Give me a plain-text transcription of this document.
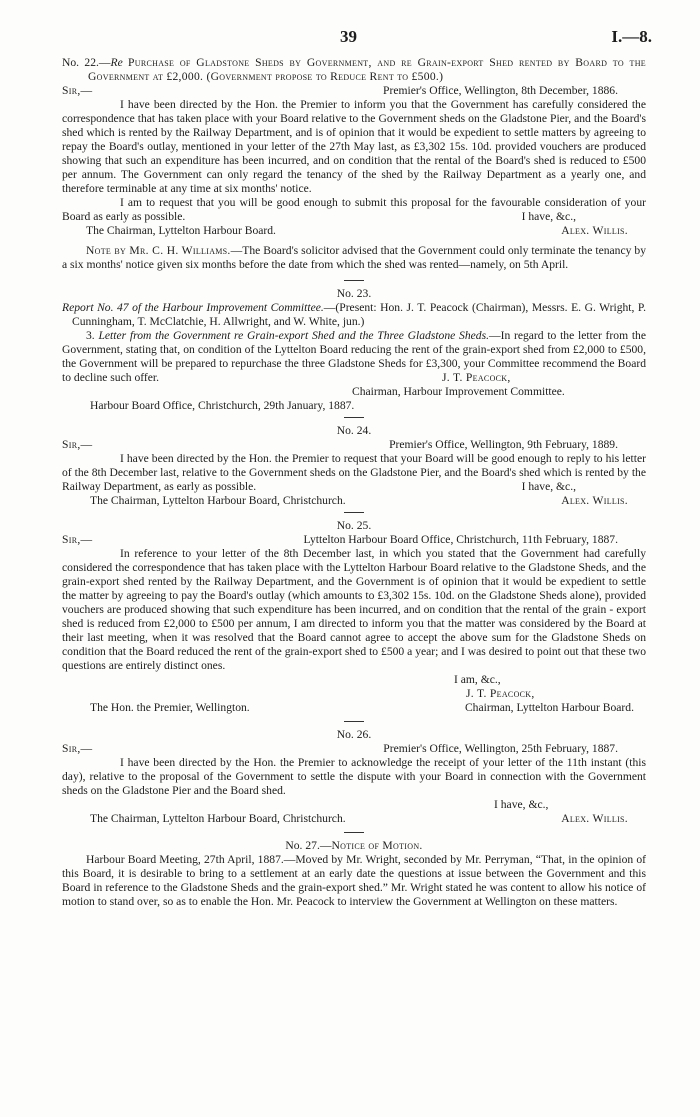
39	I.—8.

No. 22.—Re Purchase of Gladstone Sheds by Government, and re Grain-export Shed rented by Board to the Government at £2,000. (Government propose to Reduce Rent to £500.)

Sir,—	Premier's Office, Wellington, 8th December, 1886.

I have been directed by the Hon. the Premier to inform you that the Government has carefully considered the correspondence that has taken place with your Board relative to the Government sheds on the Gladstone Pier, and the Board's shed which is rented by the Railway Department, and is of opinion that it would be expedient to settle matters by agreeing to repay the Board's outlay, mentioned in your letter of the 27th May last, as £3,302 15s. 10d. provided vouchers are produced showing that such an expenditure has been incurred, and on condition that the rental of the Board's shed is reduced to £500 per annum. The Government can only regard the tenancy of the shed by the Railway Department as a yearly one, and therefore terminable at any time at six months' notice.

I am to request that you will be good enough to submit this proposal for the favourable consideration of your Board as early as possible.

The Chairman, Lyttelton Harbour Board.
I have, &c.,
Alex. Willis.

Note by Mr. C. H. Williams.—The Board's solicitor advised that the Government could only terminate the tenancy by a six months' notice given six months before the date from which the shed was rented—namely, on 5th April.

No. 23.

Report No. 47 of the Harbour Improvement Committee.—(Present: Hon. J. T. Peacock (Chairman), Messrs. E. G. Wright, P. Cunningham, T. McClatchie, H. Allwright, and W. White, jun.)

3. Letter from the Government re Grain-export Shed and the Three Gladstone Sheds.—In regard to the letter from the Government, stating that, on condition of the Lyttelton Board reducing the rent of the grain-export shed from £2,000 to £500, the Government will be prepared to repurchase the three Gladstone Sheds for £3,300, your Committee recommend the Board to decline such offer.	J. T. Peacock,
Chairman, Harbour Improvement Committee.
Harbour Board Office, Christchurch, 29th January, 1887.
No. 24.
Sir,—	Premier's Office, Wellington, 9th February, 1889.

I have been directed by the Hon. the Premier to request that your Board will be good enough to reply to his letter of the 8th December last, relative to the Government sheds on the Gladstone Pier, and the Board's shed which is rented by the Railway Department, as early as possible.	I have, &c.,
The Chairman, Lyttelton Harbour Board, Christchurch.	Alex. Willis.
No. 25.
Sir,—	Lyttelton Harbour Board Office, Christchurch, 11th February, 1887.

In reference to your letter of the 8th December last, in which you stated that the Government had carefully considered the correspondence that has taken place with the Lyttelton Harbour Board relative to the Gladstone Sheds, and the grain-export shed rented by the Railway Department, and the Government is of opinion that it would be expedient to settle the matter by agreeing to pay the Board's outlay (which amounts to £3,302 15s. 10d. on the Gladstone Sheds alone), provided vouchers are produced showing that such expenditure has been incurred, and on condition that the rental of the grain - export shed is reduced from £2,000 to £500 per annum, I am directed to inform you that the matter was considered by the Board at their last meeting, when it was resolved that the Board cannot agree to accept the above sum for the Gladstone Sheds on condition that the Board reduced the rent of the grain-export shed to £500 a year; and I was desired to point out that these two questions are entirely distinct ones.

I am, &c.,
J. T. Peacock,
The Hon. the Premier, Wellington.	Chairman, Lyttelton Harbour Board.
No. 26.
Sir,—	Premier's Office, Wellington, 25th February, 1887.

I have been directed by the Hon. the Premier to acknowledge the receipt of your letter of the 11th instant (this day), relative to the proposal of the Government to settle the dispute with your Board in connection with the Government sheds on the Gladstone Pier and the Board shed.

I have, &c.,
The Chairman, Lyttelton Harbour Board, Christchurch.	Alex. Willis.
No. 27.—Notice of Motion.

Harbour Board Meeting, 27th April, 1887.—Moved by Mr. Wright, seconded by Mr. Perryman, “That, in the opinion of this Board, it is desirable to bring to a settlement at an early date the questions at issue between the Government and this Board in reference to the Gladstone Sheds and the grain-export shed.” Mr. Wright stated he was content to allow his notice of motion to stand over, so as to enable the Hon. Mr. Peacock to interview the Government at Wellington on these matters.
